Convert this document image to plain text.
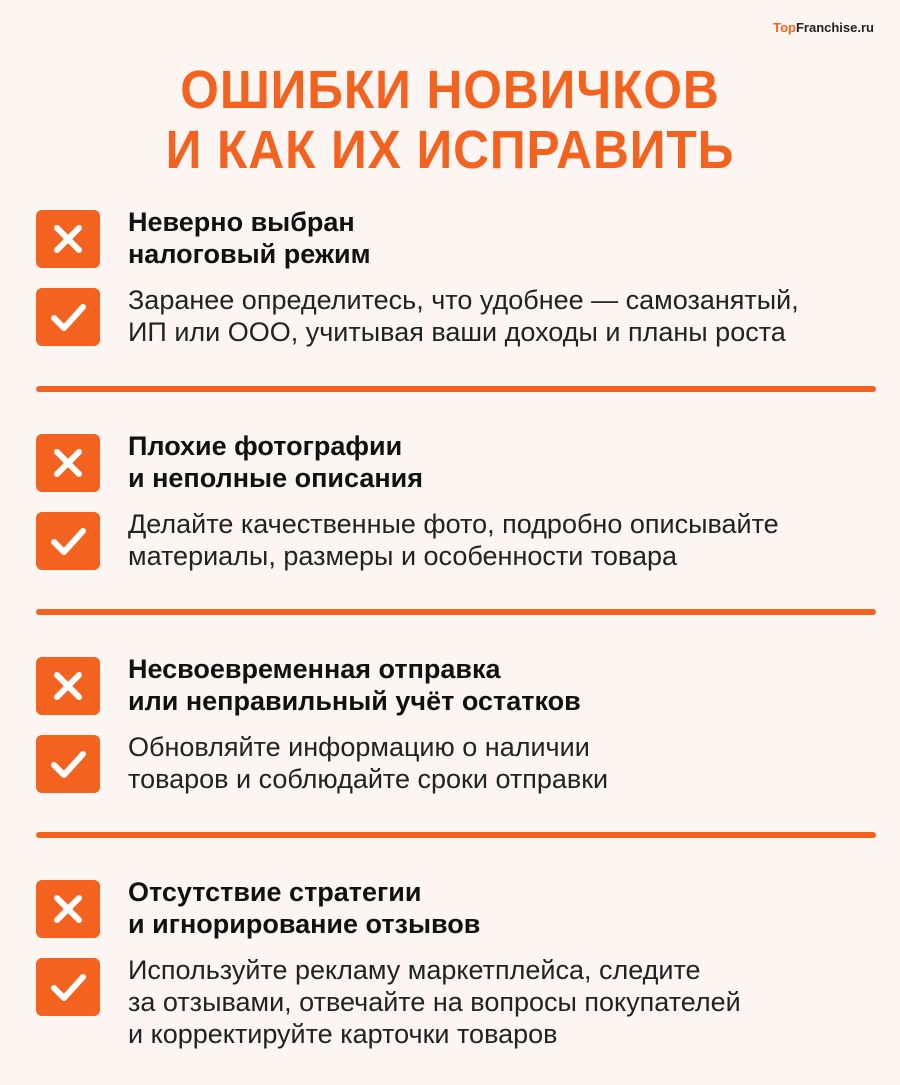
TopFranchise.ru
ОШИБКИ НОВИЧКОВ
И КАК ИХ ИСПРАВИТЬ
Неверно выбран
налоговый режим
Заранее определитесь, что удобнее — самозанятый,
ИП или ООО, учитывая ваши доходы и планы роста
Плохие фотографии
и неполные описания
Делайте качественные фото, подробно описывайте
материалы, размеры и особенности товара
Несвоевременная отправка
или неправильный учёт остатков
Обновляйте информацию о наличии
товаров и соблюдайте сроки отправки
Отсутствие стратегии
и игнорирование отзывов
Используйте рекламу маркетплейса, следите
за отзывами, отвечайте на вопросы покупателей
и корректируйте карточки товаров
